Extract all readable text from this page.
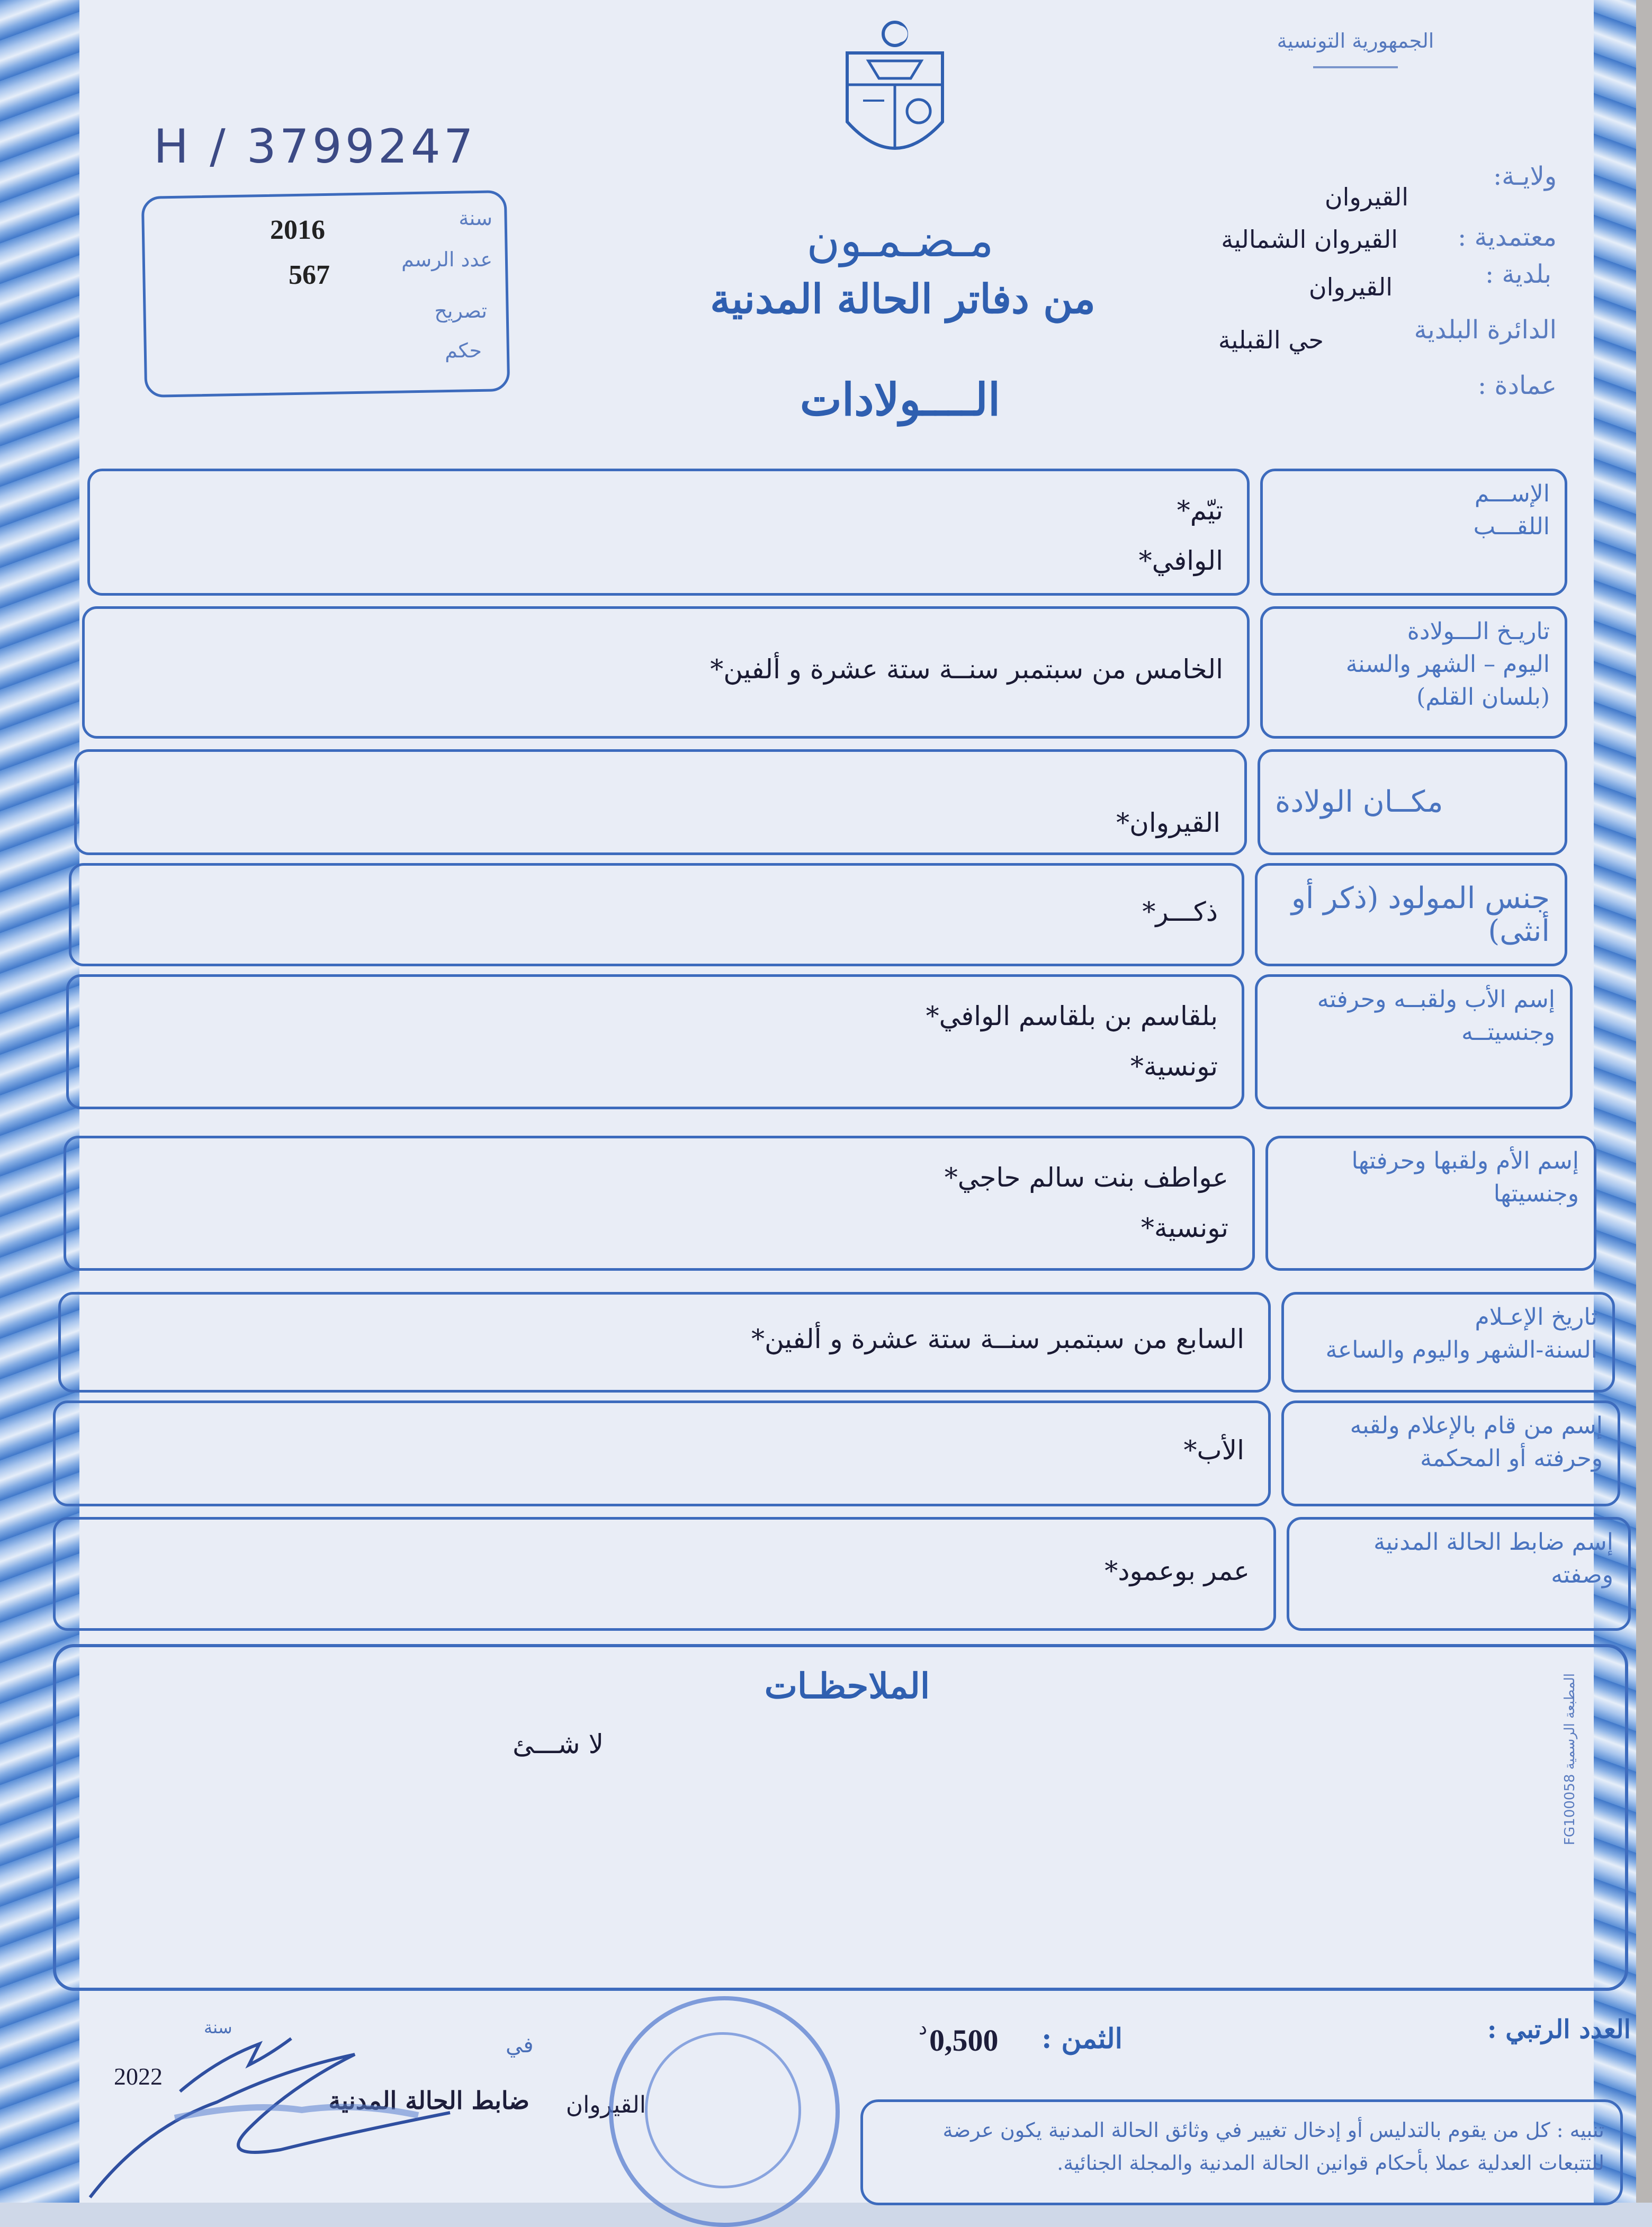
H / 3799247
الجمهورية التونسية
سنة
2016
عدد الرسم
567
تصريح
حكم
ولايـة:
القيروان
معتمدية :
القيروان الشمالية
بلدية :
القيروان
الدائرة البلدية
حي القبلية
عمادة :
مـضـمـون
من دفاتر الحالة المدنية
الــــولادات
الإســـم
اللقـــب
تيّم*
الوافي*
تاريـخ الـــولادة
اليوم – الشهر والسنة
(بلسان القلم)
الخامس من سبتمبر سنــة ستة عشرة و ألفين*
مكــان الولادة
القيروان*
جنس المولود (ذكر أو أنثى)
ذكـــر*
إسم الأب ولقبــه وحرفته
وجنسيتــه
بلقاسم بن بلقاسم الوافي*
تونسية*
إسم الأم ولقبها وحرفتها
وجنسيتها
عواطف بنت سالم حاجي*
تونسية*
تاريخ الإعـلام
السنة-الشهر واليوم والساعة
السابع من سبتمبر سنــة ستة عشرة و ألفين*
إسم من قام بالإعلام ولقبه
وحرفته أو المحكمة
الأب*
إسم ضابط الحالة المدنية
وصفته
عمر بوعمود*
الملاحظـات
لا شـــئ
المطبعة الرسمية FG100058
العدد الرتبي :
الثمن :
0,500
د
في
سنة
2022
القيروان
ضابط الحالة المدنية
تنبيه : كل من يقوم بالتدليس أو إدخال تغيير في وثائق الحالة المدنية يكون عرضة للتتبعات العدلية عملا بأحكام قوانين الحالة المدنية والمجلة الجنائية.
